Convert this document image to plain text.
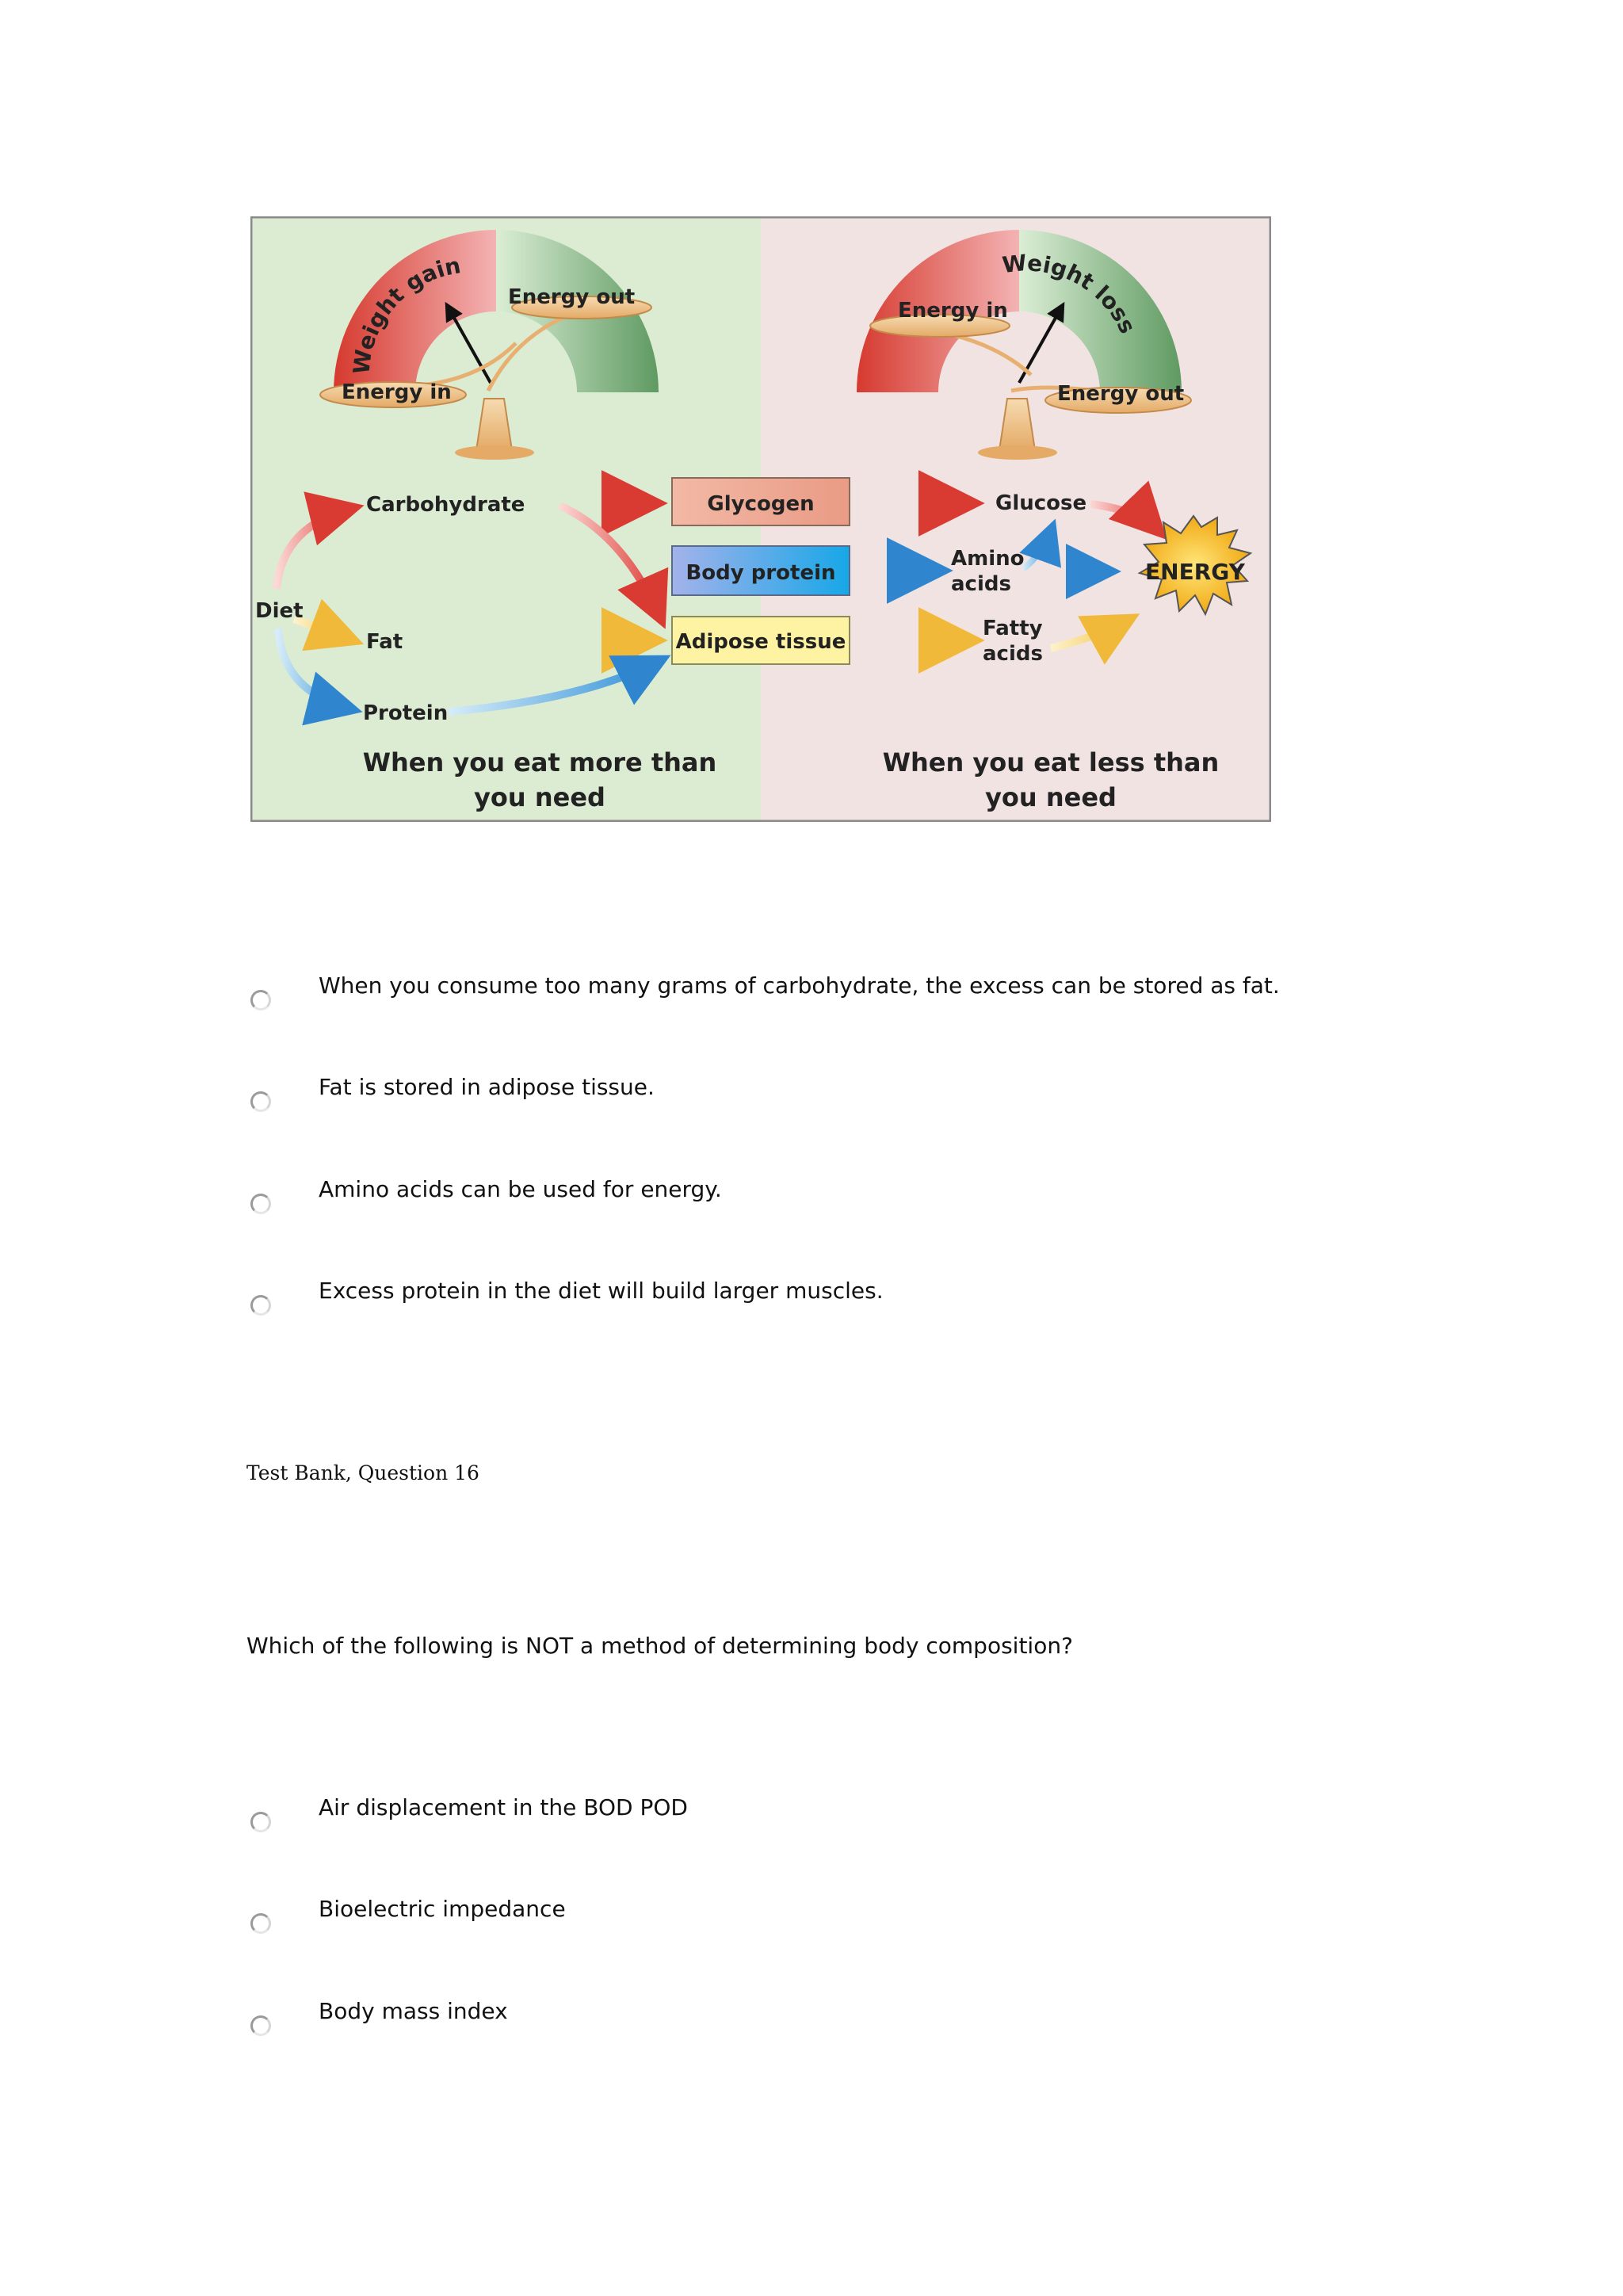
Weight gain
Energy in
Energy out
Weight loss
Energy in
Energy out
Glycogen
Body protein
Adipose tissue
Diet
Carbohydrate
Fat
Protein
Glucose
Amino
acids
Fatty
acids
ENERGY
When you eat more than
you need
When you eat less than
you need
When you consume too many grams of carbohydrate, the excess can be stored as fat.
Fat is stored in adipose tissue.
Amino acids can be used for energy.
Excess protein in the diet will build larger muscles.
Test Bank, Question 16
Which of the following is NOT a method of determining body composition?
Air displacement in the BOD POD
Bioelectric impedance
Body mass index
